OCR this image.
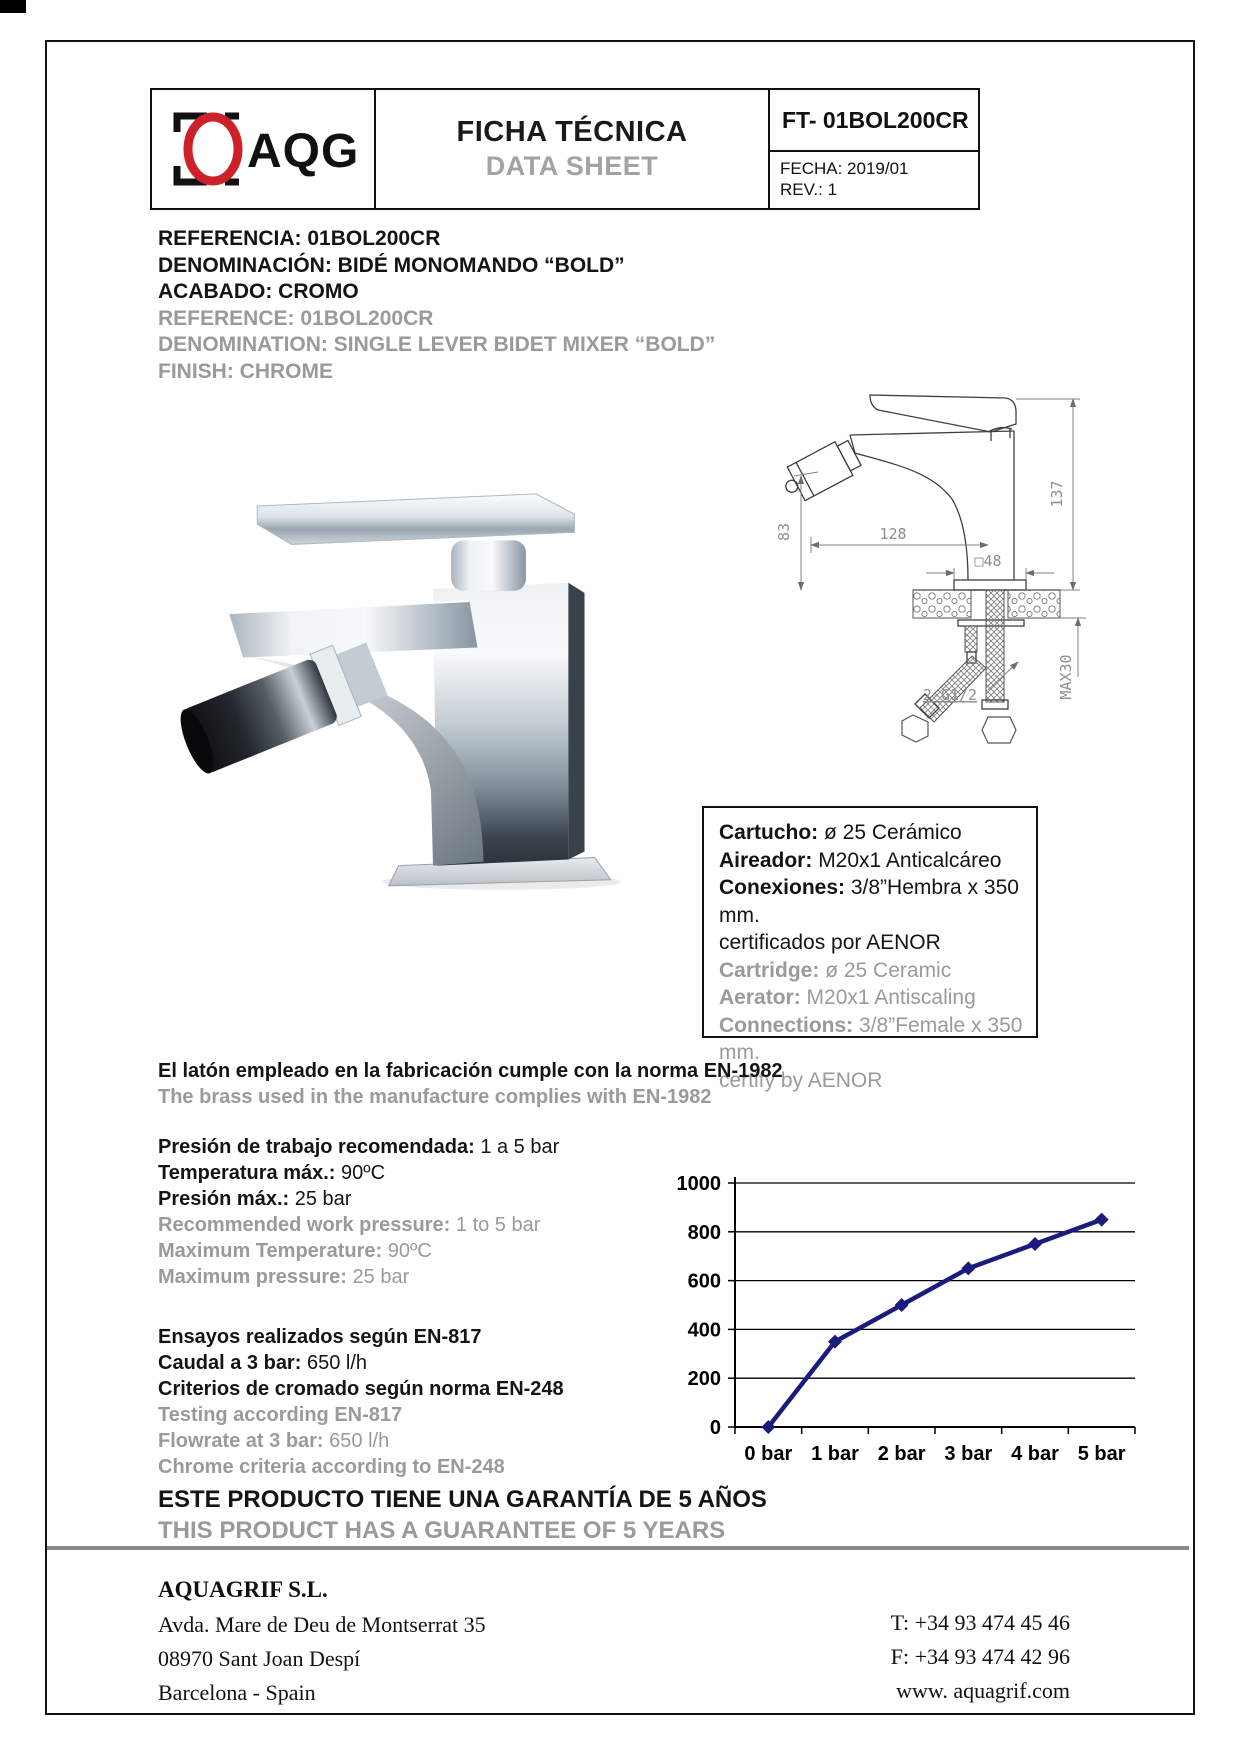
AQG	FICHA TÉCNICA
DATA SHEET
FT- 01BOL200CR
FECHA: 2019/01
REV.: 1
REFERENCIA: 01BOL200CR
DENOMINACIÓN: BIDÉ MONOMANDO “BOLD”
ACABADO: CROMO
REFERENCE: 01BOL200CR
DENOMINATION: SINGLE LEVER BIDET MIXER “BOLD”
FINISH: CHROME
137
83	128
□48
MAX30
2-G1/2
Cartucho: ø 25 Cerámico
Aireador: M20x1 Anticalcáreo
Conexiones: 3/8”Hembra x 350 mm.
certificados por AENOR
Cartridge: ø 25 Ceramic
Aerator: M20x1 Antiscaling
Connections: 3/8”Female x 350 mm.
certify by AENOR
El latón empleado en la fabricación cumple con la norma EN-1982
The brass used in the manufacture complies with EN-1982
Presión de trabajo recomendada: 1 a 5 bar
Temperatura máx.: 90ºC
Presión máx.: 25 bar
Recommended work pressure: 1 to 5 bar
Maximum Temperature: 90ºC
Maximum pressure: 25 bar
Ensayos realizados según EN-817
Caudal a 3 bar: 650 l/h
Criterios de cromado según norma EN-248
Testing according EN-817
Flowrate at 3 bar: 650 l/h
Chrome criteria according to EN-248
0
200
400
600
800
1000
0 bar 1 bar 2 bar 3 bar 4 bar 5 bar
ESTE PRODUCTO TIENE UNA GARANTÍA DE 5 AÑOS
THIS PRODUCT HAS A GUARANTEE OF 5 YEARS
AQUAGRIF S.L.
Avda. Mare de Deu de Montserrat 35
08970 Sant Joan Despí
Barcelona - Spain
T: +34 93 474 45 46
F: +34 93 474 42 96
www. aquagrif.com
